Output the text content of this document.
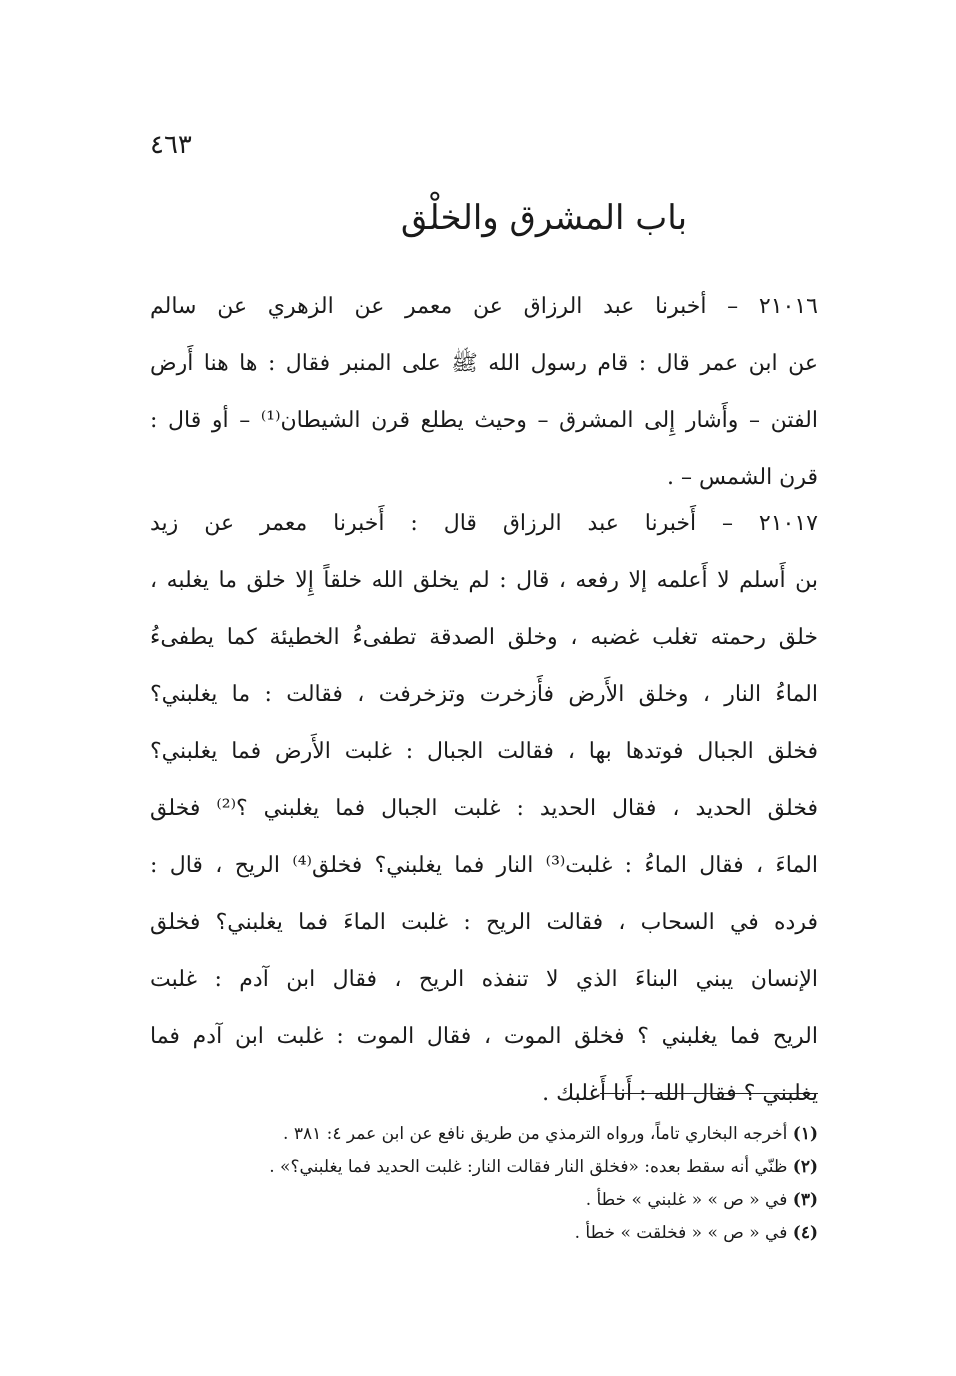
٤٦٣
باب المشرق والخلْق
٢١٠١٦ – أخبرنا عبد الرزاق عن معمر عن الزهري عن سالم
عن ابن عمر قال : قام رسول الله ﷺ على المنبر فقال : ها هنا أَرض
الفتن – وأَشار إِلى المشرق – وحيث يطلع قرن الشيطان⁽¹⁾ – أو قال :
قرن الشمس – .
٢١٠١٧ – أَخبرنا عبد الرزاق قال : أَخبرنا معمر عن زيد
بن أَسلم لا أَعلمه إلا رفعه ، قال : لم يخلق الله خلقاً إِلا خلق ما يغلبه ،
خلق رحمته تغلب غضبه ، وخلق الصدقة تطفىءُ الخطيئة كما يطفىءُ
الماءُ النار ، وخلق الأَرض فأَزخرت وتزخرفت ، فقالت : ما يغلبني؟
فخلق الجبال فوتدها بها ، فقالت الجبال : غلبت الأَرض فما يغلبني؟
فخلق الحديد ، فقال الحديد : غلبت الجبال فما يغلبني ؟⁽²⁾ فخلق
الماءَ ، فقال الماءُ : غلبت⁽³⁾ النار فما يغلبني؟ فخلق⁽⁴⁾ الريح ، قال :
فرده في السحاب ، فقالت الريح : غلبت الماءَ فما يغلبني؟ فخلق
الإنسان يبني البناءَ الذي لا تنفذه الريح ، فقال ابن آدم : غلبت
الريح فما يغلبني ؟ فخلق الموت ، فقال الموت : غلبت ابن آدم فما
يغلبني ؟ فقال الله : أَنا أَغلبك .
(١) أخرجه البخاري تاماً، ورواه الترمذي من طريق نافع عن ابن عمر ٤: ٣٨١ .
(٢) ظنّي أنه سقط بعده: «فخلق النار فقالت النار: غلبت الحديد فما يغلبني؟» .
(٣) في « ص » « غلبني » خطأ .
(٤) في « ص » « فخلقت » خطأ .
